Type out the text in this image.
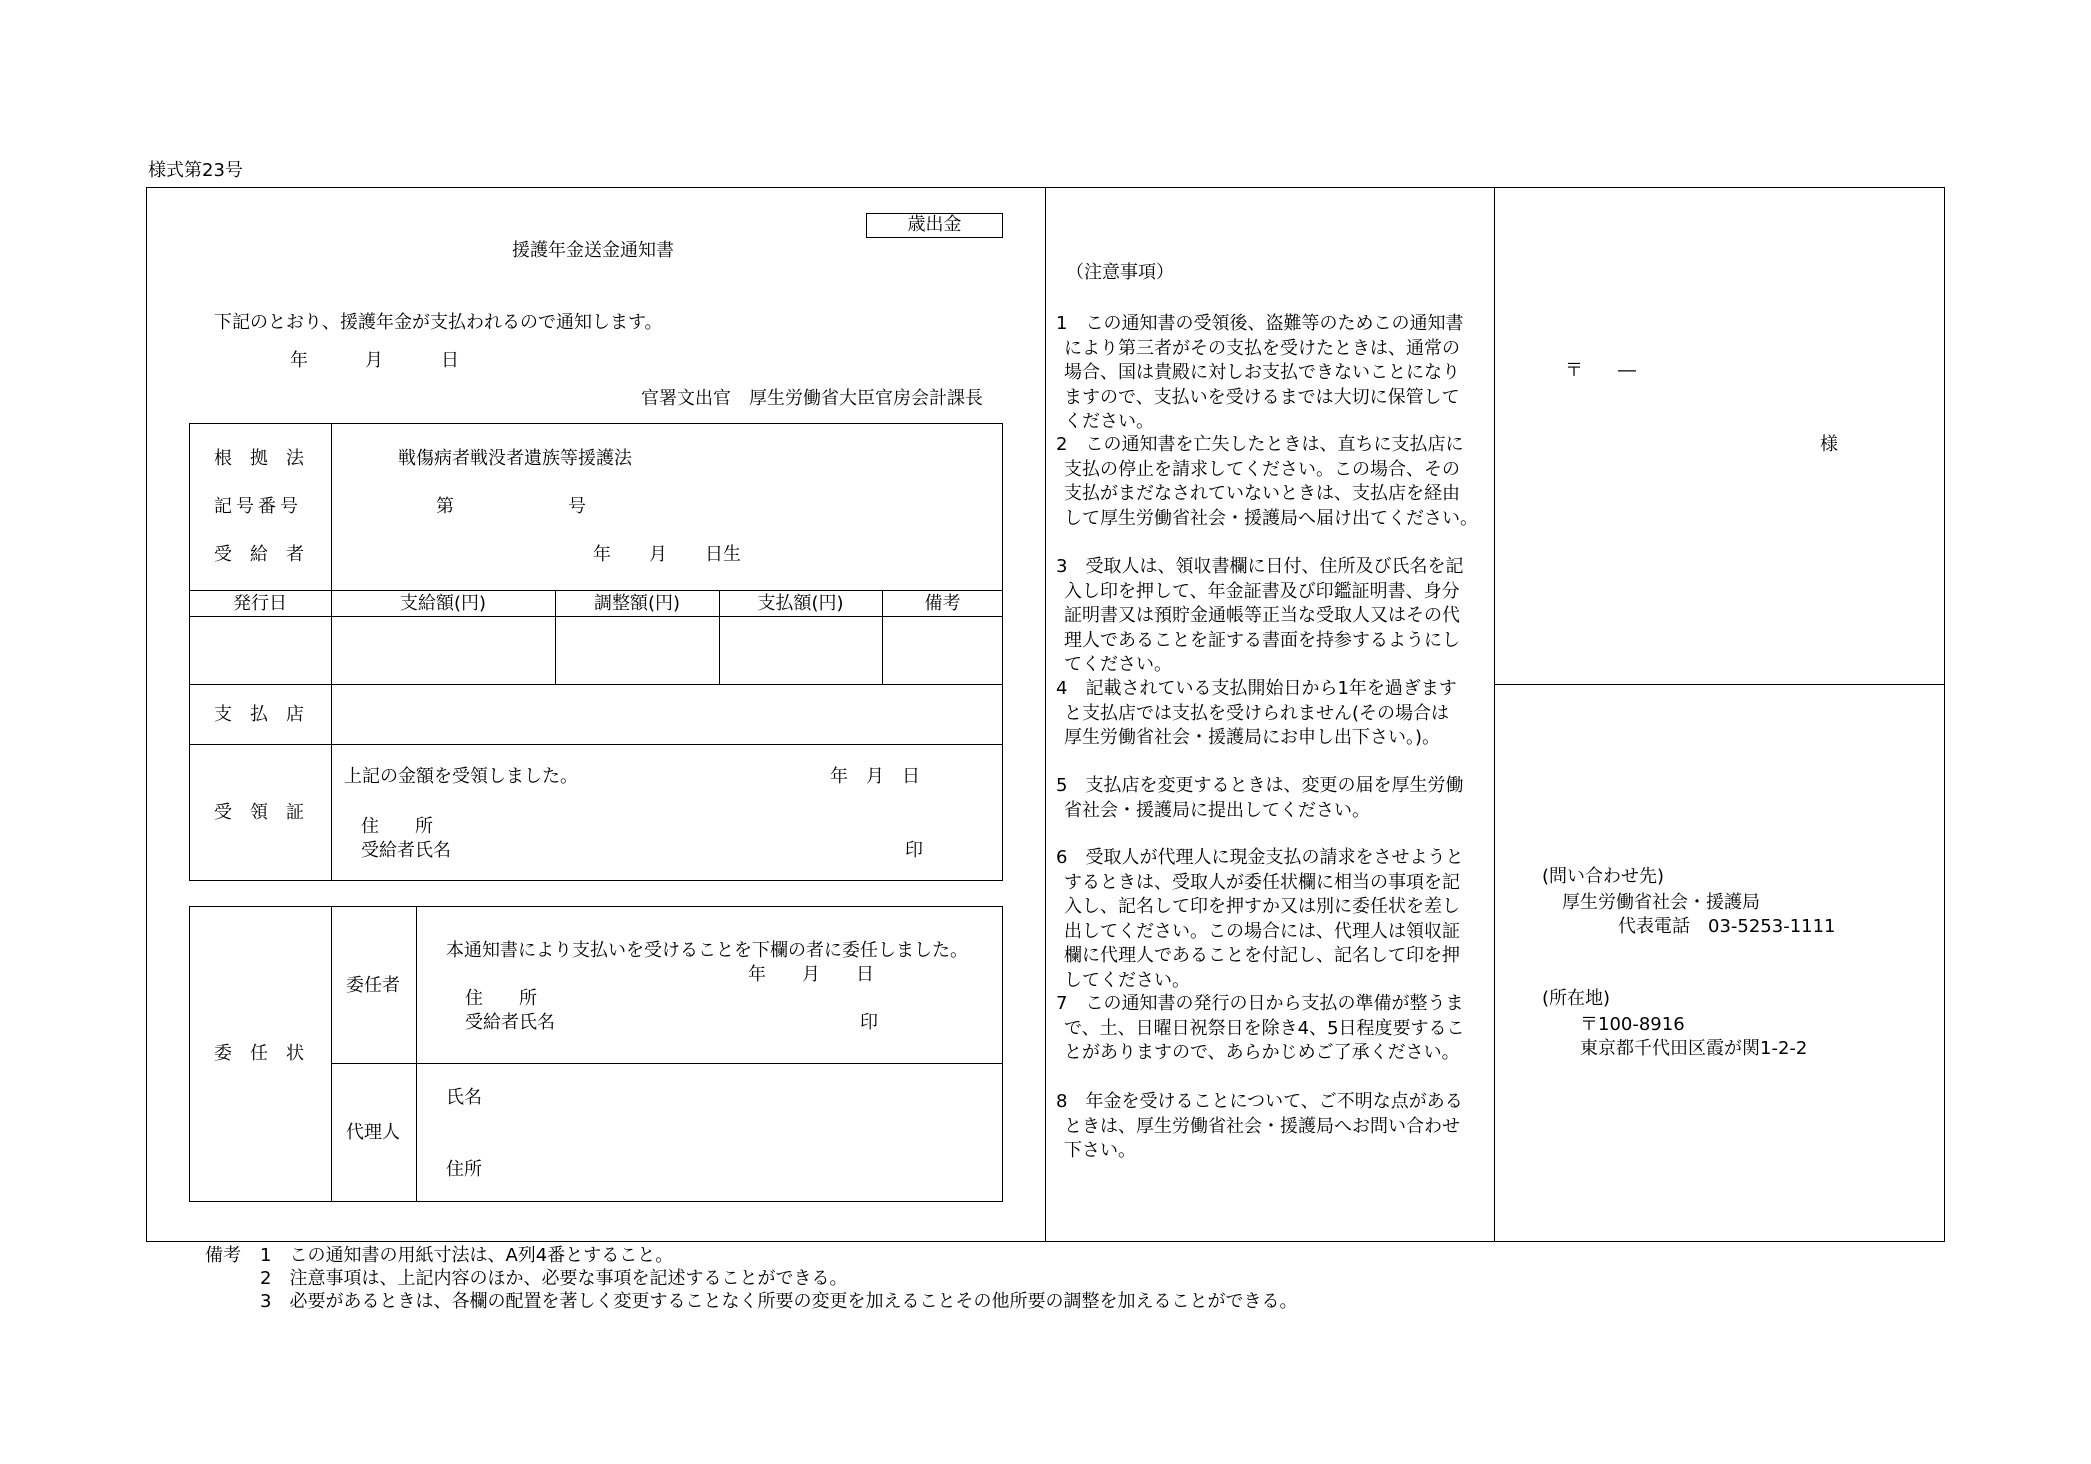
様式第23号
歳出金
援護年金送金通知書
下記のとおり、援護年金が支払われるので通知します。
年	月	日
官署文出官　厚生労働省大臣官房会計課長
根　拠　法	戦傷病者戦没者遺族等援護法
記号番号	第	号
受　給　者	年 月 日生
発行日	支給額(円)	調整額(円)	支払額(円)	備考
支　払　店
受　領　証
上記の金額を受領しました。	年　月　日
住　　所
受給者氏名	印
委　任　状
委任者
本通知書により支払いを受けることを下欄の者に委任しました。
年　　月　　日
住　　所
受給者氏名	印
代理人
氏名
住所
（注意事項）
1　この通知書の受領後、盗難等のためこの通知書
により第三者がその支払を受けたときは、通常の
場合、国は貴殿に対しお支払できないことになり
ますので、支払いを受けるまでは大切に保管して
ください。
2　この通知書を亡失したときは、直ちに支払店に
支払の停止を請求してください。この場合、その
支払がまだなされていないときは、支払店を経由
して厚生労働省社会・援護局へ届け出てください。
3　受取人は、領収書欄に日付、住所及び氏名を記
入し印を押して、年金証書及び印鑑証明書、身分
証明書又は預貯金通帳等正当な受取人又はその代
理人であることを証する書面を持参するようにし
てください。
4　記載されている支払開始日から1年を過ぎます
と支払店では支払を受けられません(その場合は
厚生労働省社会・援護局にお申し出下さい。)。
5　支払店を変更するときは、変更の届を厚生労働
省社会・援護局に提出してください。
6　受取人が代理人に現金支払の請求をさせようと
するときは、受取人が委任状欄に相当の事項を記
入し、記名して印を押すか又は別に委任状を差し
出してください。この場合には、代理人は領収証
欄に代理人であることを付記し、記名して印を押
してください。
7　この通知書の発行の日から支払の準備が整うま
で、土、日曜日祝祭日を除き4、5日程度要するこ
とがありますので、あらかじめご了承ください。
8　年金を受けることについて、ご不明な点がある
ときは、厚生労働省社会・援護局へお問い合わせ
下さい。
〒 ―
様
(問い合わせ先)
厚生労働省社会・援護局
代表電話　03-5253-1111
(所在地)
〒100-8916
東京都千代田区霞が関1-2-2
備考 1　この通知書の用紙寸法は、A列4番とすること。
2　注意事項は、上記内容のほか、必要な事項を記述することができる。
3　必要があるときは、各欄の配置を著しく変更することなく所要の変更を加えることその他所要の調整を加えることができる。
